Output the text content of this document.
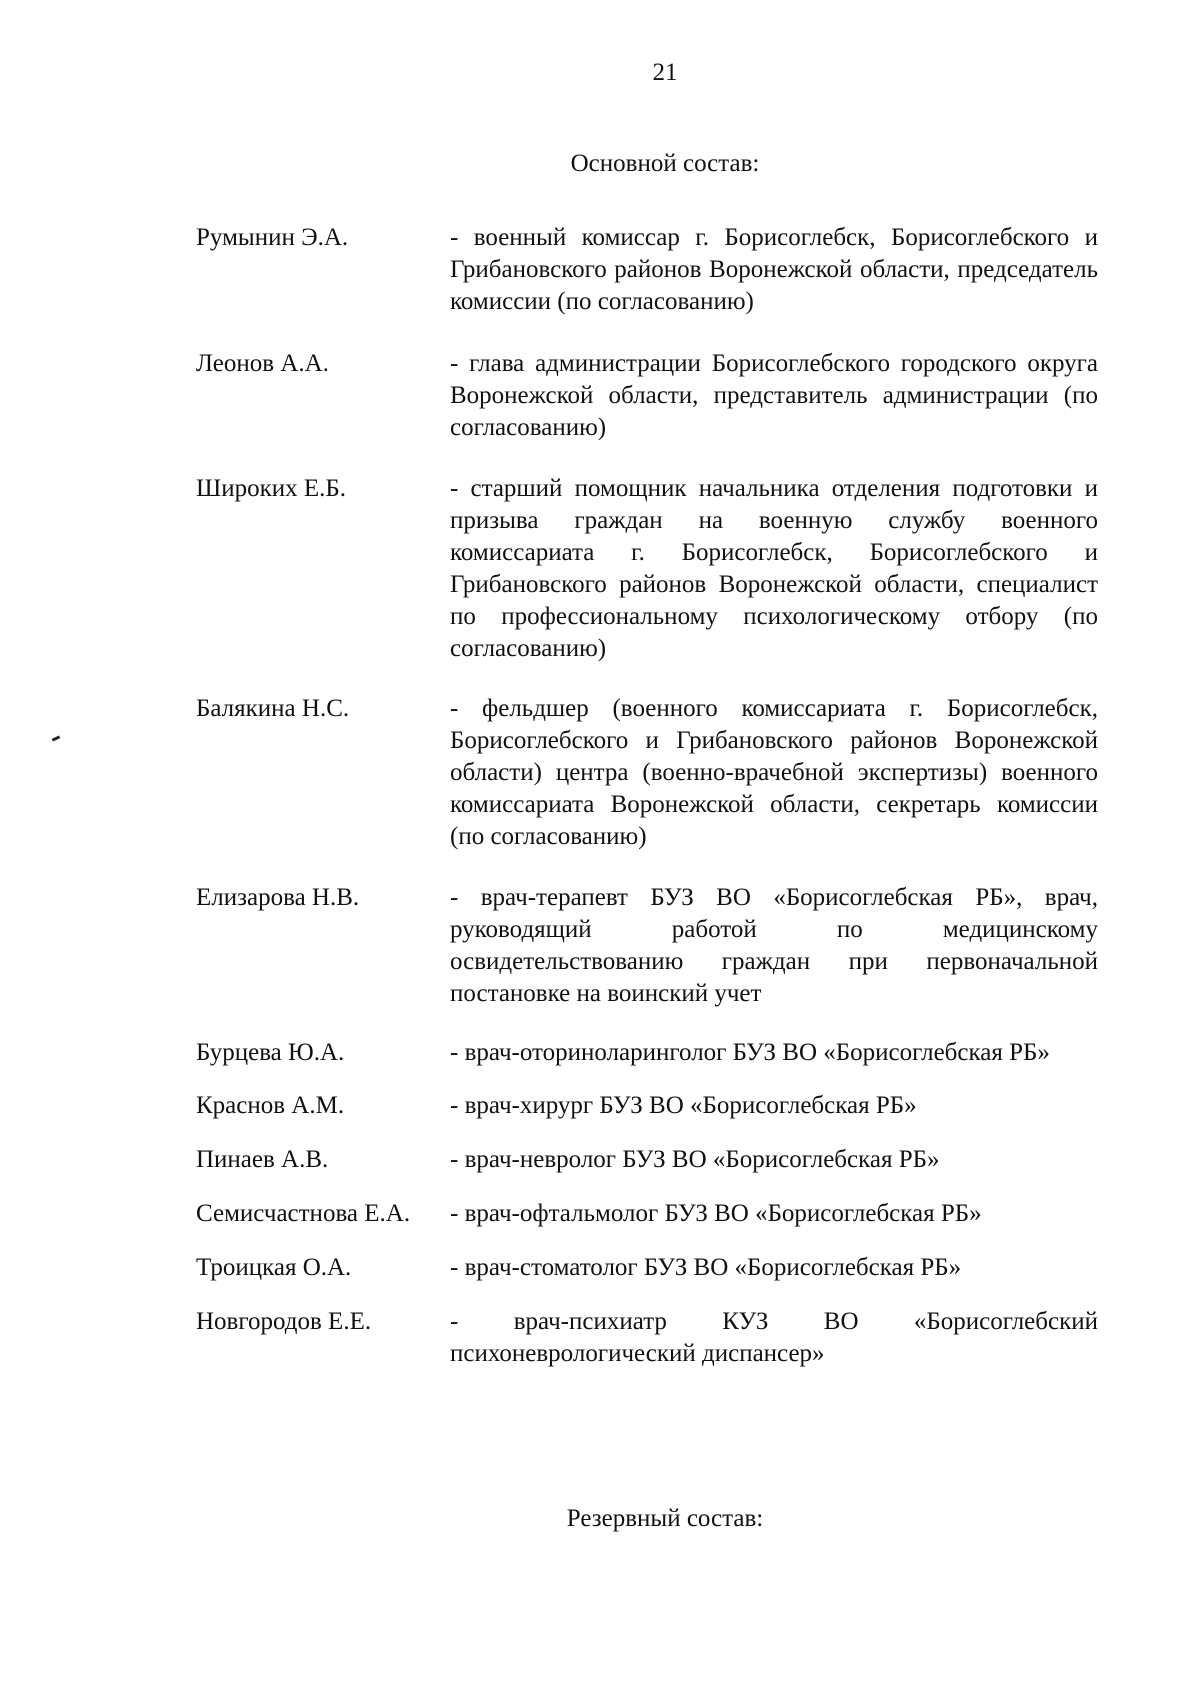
21
Основной состав:
Румынин Э.А.	- военный комиссар г. Борисоглебск, Борисоглебского и Грибановского районов Воронежской области, председатель комиссии (по согласованию)
Леонов А.А.	- глава администрации Борисоглебского городского округа Воронежской области, представитель администрации (по согласованию)
Широких Е.Б.	- старший помощник начальника отделения подготовки и призыва граждан на военную службу военного комиссариата г. Борисоглебск, Борисоглебского и Грибановского районов Воронежской области, специалист по профессиональному психологическому отбору (по согласованию)
Балякина Н.С.	- фельдшер (военного комиссариата г. Борисоглебск, Борисоглебского и Грибановского районов Воронежской области) центра (военно-врачебной экспертизы) военного комиссариата Воронежской области, секретарь комиссии (по согласованию)
Елизарова Н.В.	- врач-терапевт БУЗ ВО «Борисоглебская РБ», врач, руководящий работой по медицинскому освидетельствованию граждан при первоначальной постановке на воинский учет
Бурцева Ю.А.	- врач-оториноларинголог БУЗ ВО «Борисоглебская РБ»
Краснов А.М.	- врач-хирург БУЗ ВО «Борисоглебская РБ»
Пинаев А.В.	- врач-невролог БУЗ ВО «Борисоглебская РБ»
Семисчастнова Е.А.	- врач-офтальмолог БУЗ ВО «Борисоглебская РБ»
Троицкая О.А.	- врач-стоматолог БУЗ ВО «Борисоглебская РБ»
Новгородов Е.Е.	- врач-психиатр КУЗ ВО «Борисоглебский психоневрологический диспансер»
Резервный состав:
